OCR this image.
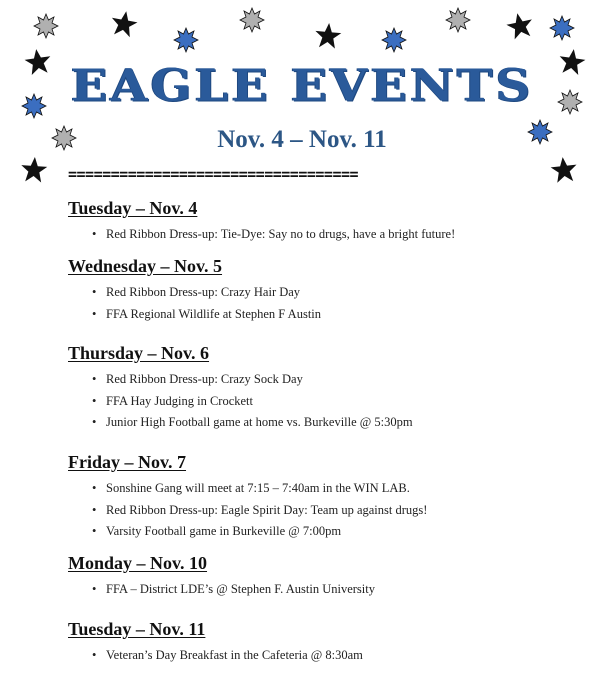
EAGLE EVENTS
Nov. 4 – Nov. 11
==================================
Tuesday – Nov. 4
• Red Ribbon Dress-up: Tie-Dye: Say no to drugs, have a bright future!
Wednesday – Nov. 5
• Red Ribbon Dress-up: Crazy Hair Day
• FFA Regional Wildlife at Stephen F Austin
Thursday – Nov. 6
• Red Ribbon Dress-up: Crazy Sock Day
• FFA Hay Judging in Crockett
• Junior High Football game at home vs. Burkeville @ 5:30pm
Friday – Nov. 7
• Sonshine Gang will meet at 7:15 – 7:40am in the WIN LAB.
• Red Ribbon Dress-up: Eagle Spirit Day: Team up against drugs!
• Varsity Football game in Burkeville @ 7:00pm
Monday – Nov. 10
• FFA – District LDE’s @ Stephen F. Austin University
Tuesday – Nov. 11
• Veteran’s Day Breakfast in the Cafeteria @ 8:30am
